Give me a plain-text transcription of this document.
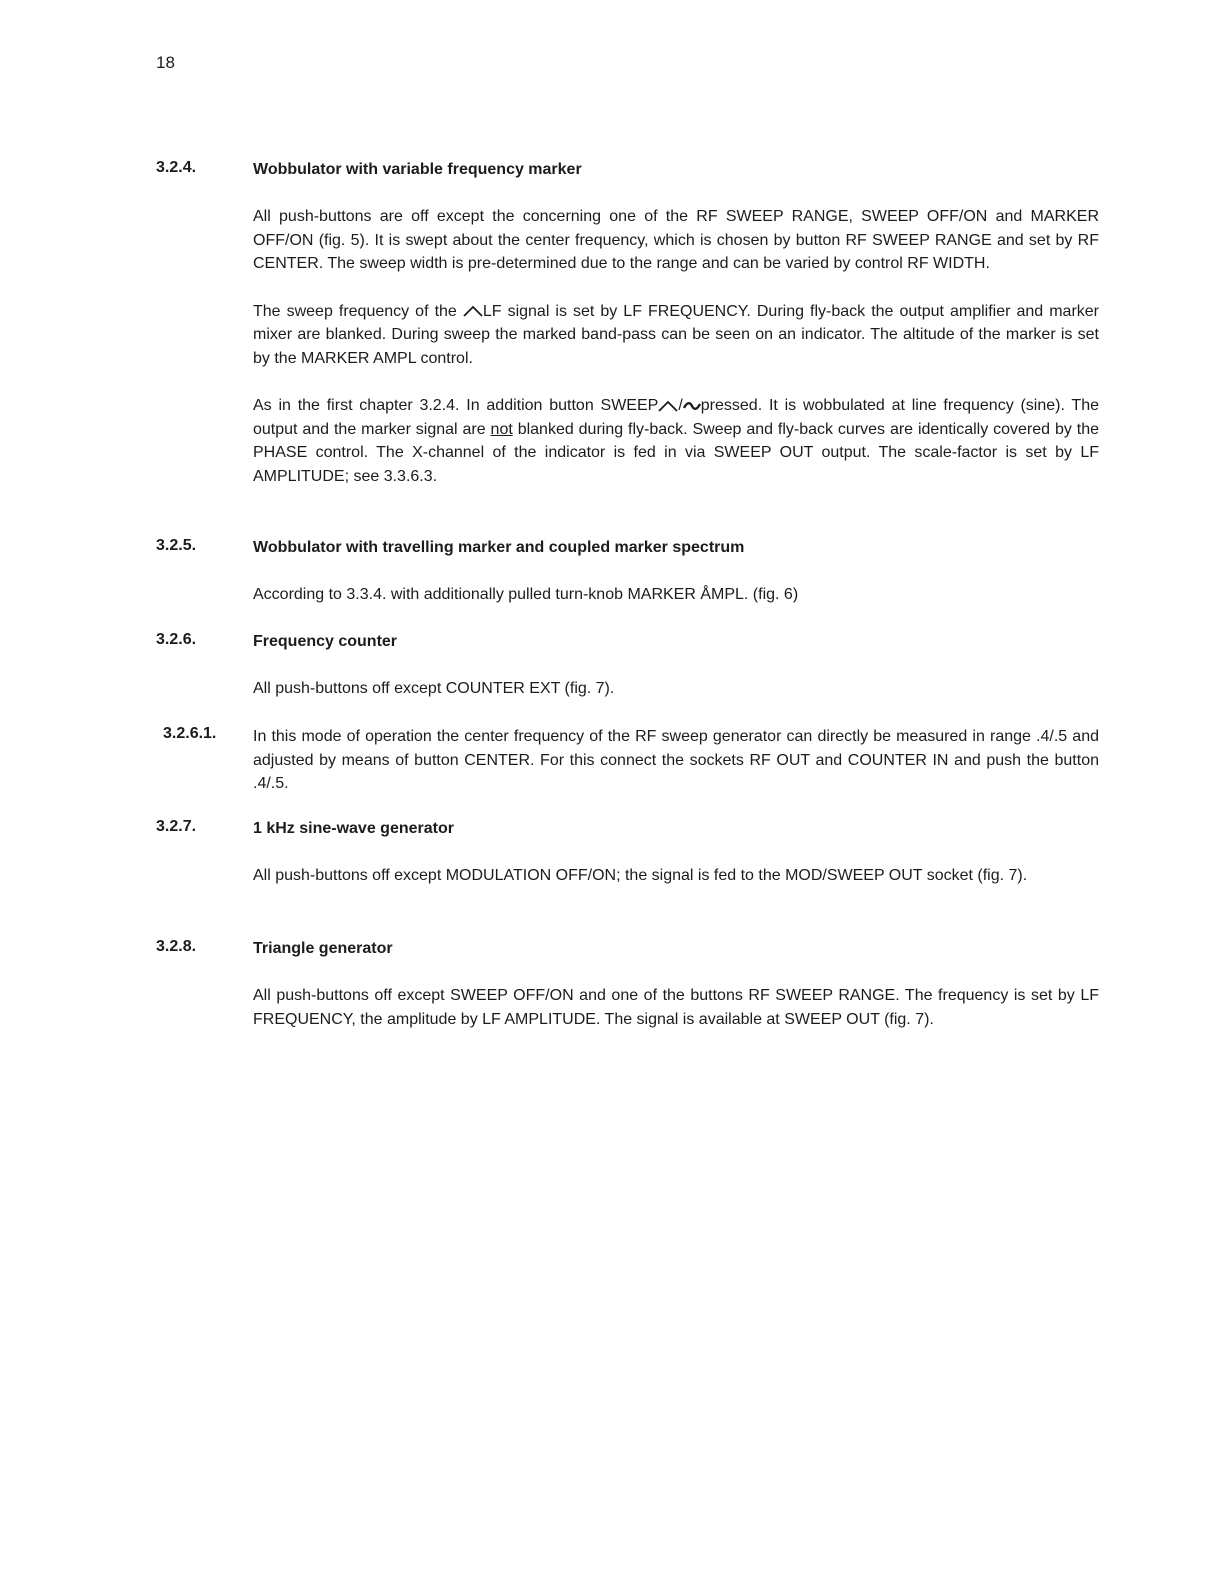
18
3.2.4.	Wobbulator with variable frequency marker

All push-buttons are off except the concerning one of the RF SWEEP RANGE, SWEEP OFF/ON and MARKER OFF/ON (fig. 5). It is swept about the center frequency, which is chosen by button RF SWEEP RANGE and set by RF CENTER. The sweep width is pre-determined due to the range and can be varied by control RF WIDTH.

The sweep frequency of the LF signal is set by LF FREQUENCY. During fly-back the output amplifier and marker mixer are blanked. During sweep the marked band-pass can be seen on an indicator. The altitude of the marker is set by the MARKER AMPL control.

As in the first chapter 3.2.4. In addition button SWEEP / pressed. It is wobbulated at line frequency (sine). The output and the marker signal are not blanked during fly-back. Sweep and fly-back curves are identically covered by the PHASE control. The X-channel of the indicator is fed in via SWEEP OUT output. The scale-factor is set by LF AMPLITUDE; see 3.3.6.3.

3.2.5.	Wobbulator with travelling marker and coupled marker spectrum

According to 3.3.4. with additionally pulled turn-knob MARKER ÅMPL. (fig. 6)

3.2.6.	Frequency counter

All push-buttons off except COUNTER EXT (fig. 7).

3.2.6.1. In this mode of operation the center frequency of the RF sweep generator can directly be measured in range .4/.5 and adjusted by means of button CENTER. For this connect the sockets RF OUT and COUNTER IN and push the button .4/.5.

3.2.7.	1 kHz sine-wave generator

All push-buttons off except MODULATION OFF/ON; the signal is fed to the MOD/SWEEP OUT socket (fig. 7).

3.2.8.	Triangle generator

All push-buttons off except SWEEP OFF/ON and one of the buttons RF SWEEP RANGE. The frequency is set by LF FREQUENCY, the amplitude by LF AMPLITUDE. The signal is available at SWEEP OUT (fig. 7).
